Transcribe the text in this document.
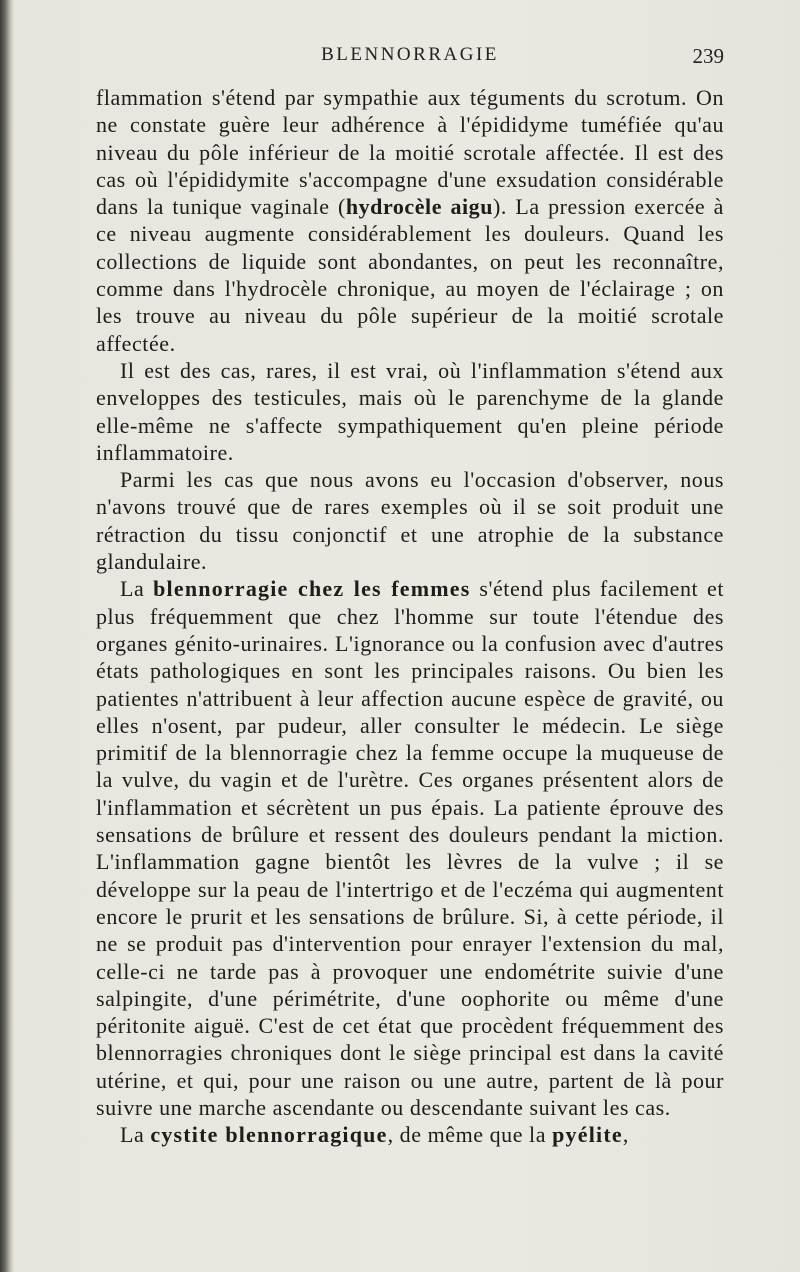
BLENNORRAGIE	239

flammation s'étend par sympathie aux téguments du scrotum. On ne constate guère leur adhérence à l'épididyme tuméfiée qu'au niveau du pôle inférieur de la moitié scrotale affectée. Il est des cas où l'épididymite s'accompagne d'une exsudation considérable dans la tunique vaginale (hydrocèle aigu). La pression exercée à ce niveau augmente considérablement les douleurs. Quand les collections de liquide sont abondantes, on peut les reconnaître, comme dans l'hydrocèle chronique, au moyen de l'éclairage ; on les trouve au niveau du pôle supérieur de la moitié scrotale affectée.

Il est des cas, rares, il est vrai, où l'inflammation s'étend aux enveloppes des testicules, mais où le parenchyme de la glande elle-même ne s'affecte sympathiquement qu'en pleine période inflammatoire.

Parmi les cas que nous avons eu l'occasion d'observer, nous n'avons trouvé que de rares exemples où il se soit produit une rétraction du tissu conjonctif et une atrophie de la substance glandulaire.

La blennorragie chez les femmes s'étend plus facilement et plus fréquemment que chez l'homme sur toute l'étendue des organes génito-urinaires. L'ignorance ou la confusion avec d'autres états pathologiques en sont les principales raisons. Ou bien les patientes n'attribuent à leur affection aucune espèce de gravité, ou elles n'osent, par pudeur, aller consulter le médecin. Le siège primitif de la blennorragie chez la femme occupe la muqueuse de la vulve, du vagin et de l'urètre. Ces organes présentent alors de l'inflammation et sécrètent un pus épais. La patiente éprouve des sensations de brûlure et ressent des douleurs pendant la miction. L'inflammation gagne bientôt les lèvres de la vulve ; il se développe sur la peau de l'intertrigo et de l'eczéma qui augmentent encore le prurit et les sensations de brûlure. Si, à cette période, il ne se produit pas d'intervention pour enrayer l'extension du mal, celle-ci ne tarde pas à provoquer une endométrite suivie d'une salpingite, d'une périmétrite, d'une oophorite ou même d'une péritonite aiguë. C'est de cet état que procèdent fréquemment des blennorragies chroniques dont le siège principal est dans la cavité utérine, et qui, pour une raison ou une autre, partent de là pour suivre une marche ascendante ou descendante suivant les cas.

La cystite blennorragique, de même que la pyélite,
